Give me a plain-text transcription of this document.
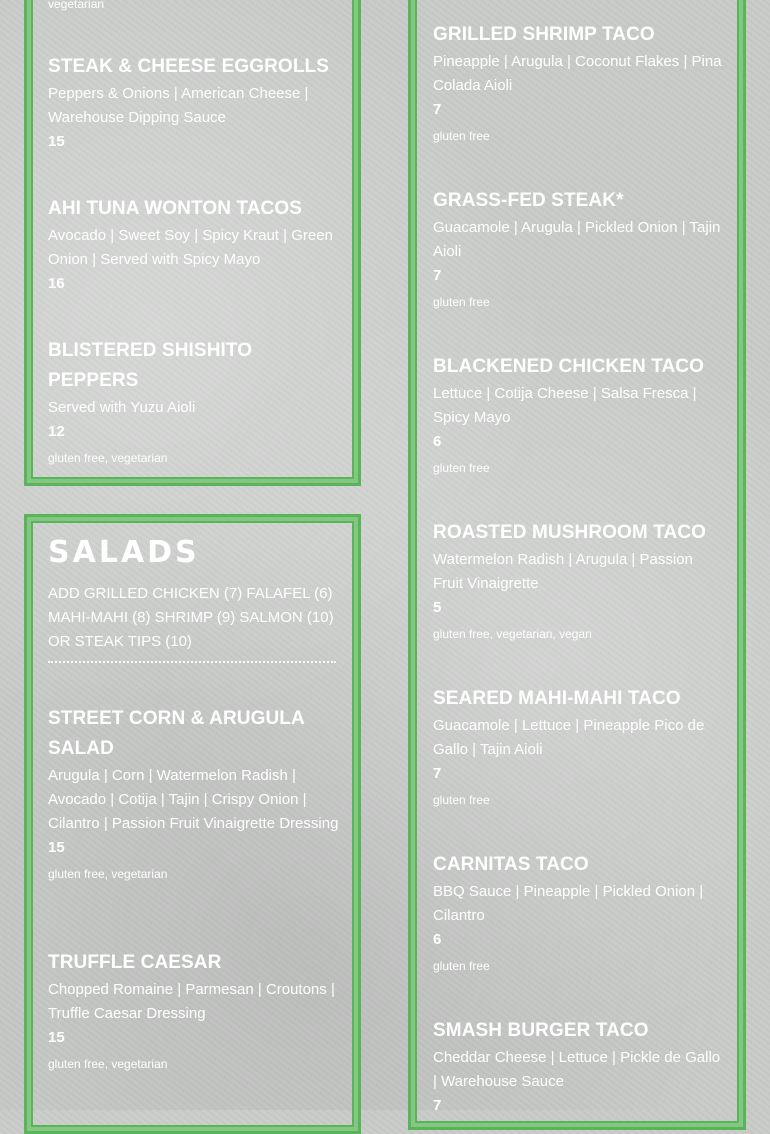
vegetarian
STEAK & CHEESE EGGROLLS
Peppers & Onions | American Cheese | Warehouse Dipping Sauce
15
AHI TUNA WONTON TACOS
Avocado | Sweet Soy | Spicy Kraut | Green Onion | Served with Spicy Mayo
16
BLISTERED SHISHITO PEPPERS
Served with Yuzu Aioli
12
gluten free, vegetarian
SALADS
ADD GRILLED CHICKEN (7) FALAFEL (6) MAHI-MAHI (8) SHRIMP (9) SALMON (10) OR STEAK TIPS (10)
STREET CORN & ARUGULA SALAD
Arugula | Corn | Watermelon Radish | Avocado | Cotija | Tajin | Crispy Onion | Cilantro | Passion Fruit Vinaigrette Dressing
15
gluten free, vegetarian
TRUFFLE CAESAR
Chopped Romaine | Parmesan | Croutons | Truffle Caesar Dressing
15
gluten free, vegetarian
GRILLED SHRIMP TACO
Pineapple | Arugula | Coconut Flakes | Pina Colada Aioli
7
gluten free
GRASS-FED STEAK*
Guacamole | Arugula | Pickled Onion | Tajin Aioli
7
gluten free
BLACKENED CHICKEN TACO
Lettuce | Cotija Cheese | Salsa Fresca | Spicy Mayo
6
gluten free
ROASTED MUSHROOM TACO
Watermelon Radish | Arugula | Passion Fruit Vinaigrette
5
gluten free, vegetarian, vegan
SEARED MAHI-MAHI TACO
Guacamole | Lettuce | Pineapple Pico de Gallo | Tajin Aioli
7
gluten free
CARNITAS TACO
BBQ Sauce | Pineapple | Pickled Onion | Cilantro
6
gluten free
SMASH BURGER TACO
Cheddar Cheese | Lettuce | Pickle de Gallo | Warehouse Sauce
7
